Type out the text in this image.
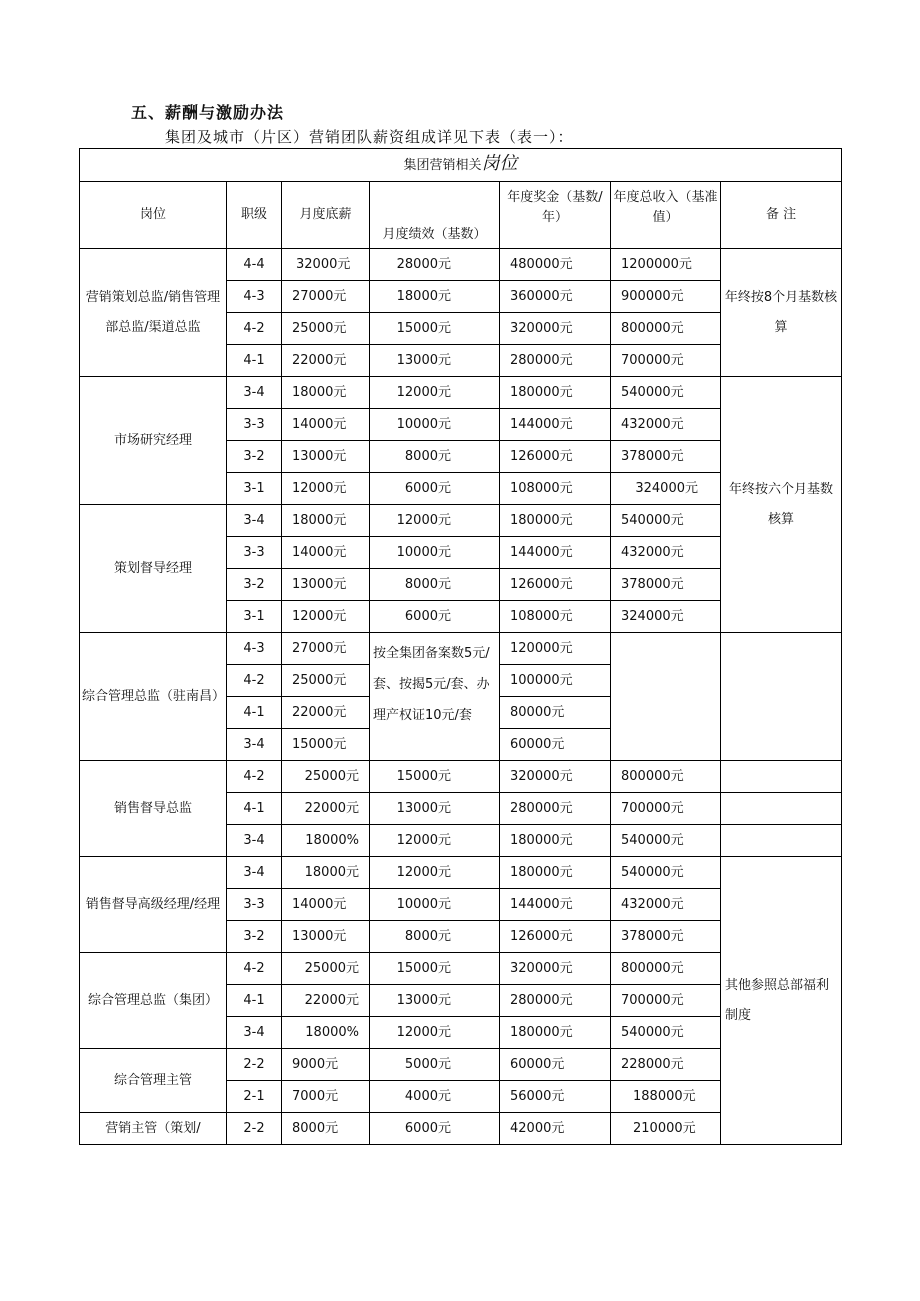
五、薪酬与激励办法
集团及城市（片区）营销团队薪资组成详见下表（表一）：
集团营销相关岗位						
岗位	职级	月度底薪	月度绩效（基数）	年度奖金（基数/年）	年度总收入（基准值）	备 注
营销策划总监/销售管理部总监/渠道总监	4-4	32000元	28000元	480000元	1200000元	年终按8个月基数核算
	4-3	27000元	18000元	360000元	900000元	
	4-2	25000元	15000元	320000元	800000元	
	4-1	22000元	13000元	280000元	700000元	
市场研究经理	3-4	18000元	12000元	180000元	540000元	年终按六个月基数核算
	3-3	14000元	10000元	144000元	432000元	
	3-2	13000元	8000元	126000元	378000元	
	3-1	12000元	6000元	108000元	324000元	
策划督导经理	3-4	18000元	12000元	180000元	540000元	
	3-3	14000元	10000元	144000元	432000元	
	3-2	13000元	8000元	126000元	378000元	
	3-1	12000元	6000元	108000元	324000元	
综合管理总监（驻南昌）	4-3	27000元	按全集团备案数5元/套、按揭5元/套、办理产权证10元/套	120000元		
	4-2	25000元		100000元		
	4-1	22000元		80000元		
	3-4	15000元		60000元		
销售督导总监	4-2	25000元	15000元	320000元	800000元	
	4-1	22000元	13000元	280000元	700000元	
	3-4	18000%	12000元	180000元	540000元	
销售督导高级经理/经理	3-4	18000元	12000元	180000元	540000元	其他参照总部福利制度
	3-3	14000元	10000元	144000元	432000元	
	3-2	13000元	8000元	126000元	378000元	
综合管理总监（集团）	4-2	25000元	15000元	320000元	800000元	
	4-1	22000元	13000元	280000元	700000元	
	3-4	18000%	12000元	180000元	540000元	
综合管理主管	2-2	9000元	5000元	60000元	228000元	
	2-1	7000元	4000元	56000元	188000元	
营销主管（策划/	2-2	8000元	6000元	42000元	210000元	
